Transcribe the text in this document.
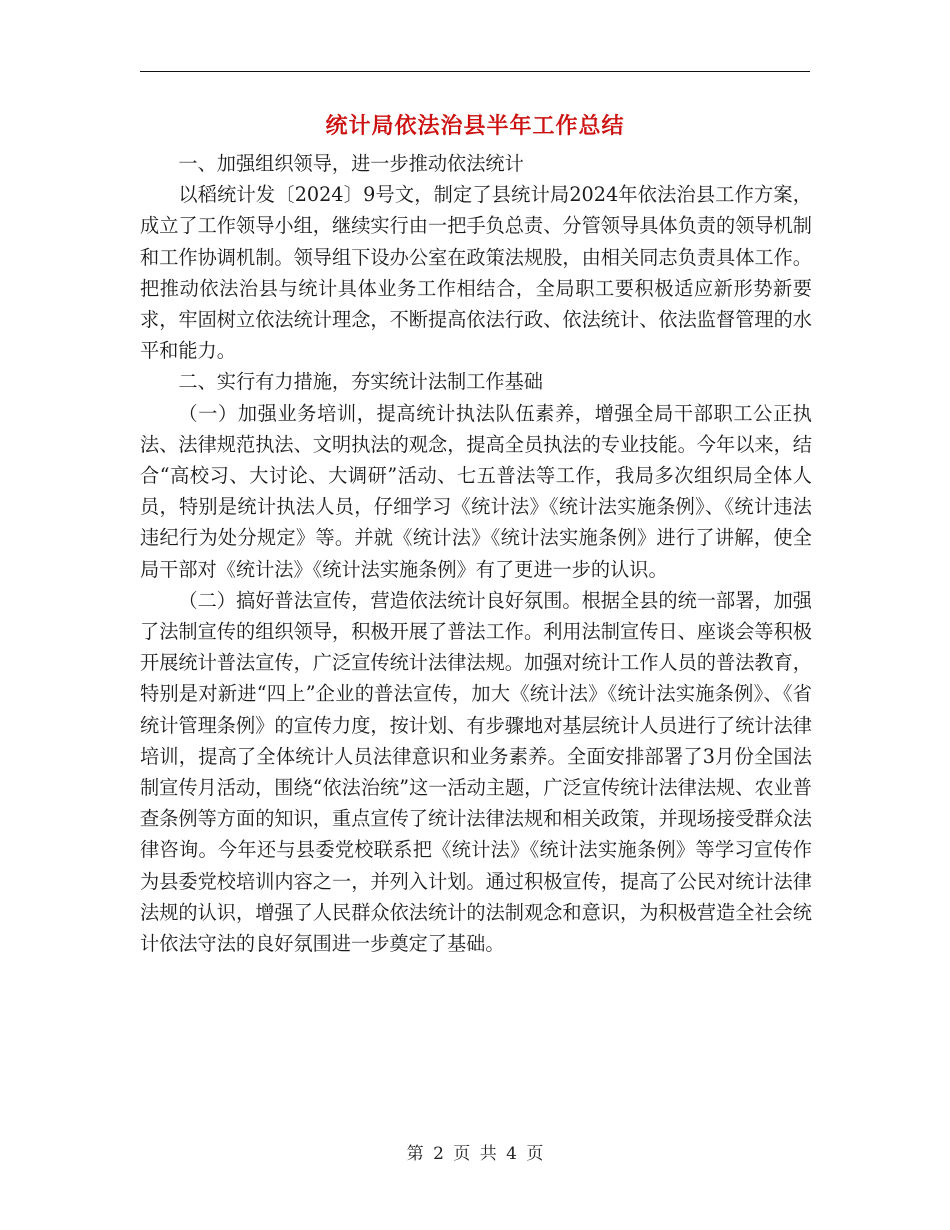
统计局依法治县半年工作总结

一、加强组织领导，进一步推动依法统计

以稻统计发〔2024〕9号文，制定了县统计局2024年依法治县工作方案，成立了工作领导小组，继续实行由一把手负总责、分管领导具体负责的领导机制和工作协调机制。领导组下设办公室在政策法规股，由相关同志负责具体工作。把推动依法治县与统计具体业务工作相结合，全局职工要积极适应新形势新要求，牢固树立依法统计理念，不断提高依法行政、依法统计、依法监督管理的水平和能力。

二、实行有力措施，夯实统计法制工作基础

（一）加强业务培训，提高统计执法队伍素养，增强全局干部职工公正执法、法律规范执法、文明执法的观念，提高全员执法的专业技能。今年以来，结合“高校习、大讨论、大调研”活动、七五普法等工作，我局多次组织局全体人员，特别是统计执法人员，仔细学习《统计法》《统计法实施条例》、《统计违法违纪行为处分规定》等。并就《统计法》《统计法实施条例》进行了讲解，使全局干部对《统计法》《统计法实施条例》有了更进一步的认识。

（二）搞好普法宣传，营造依法统计良好氛围。根据全县的统一部署，加强了法制宣传的组织领导，积极开展了普法工作。利用法制宣传日、座谈会等积极开展统计普法宣传，广泛宣传统计法律法规。加强对统计工作人员的普法教育，特别是对新进“四上”企业的普法宣传，加大《统计法》《统计法实施条例》、《省统计管理条例》的宣传力度，按计划、有步骤地对基层统计人员进行了统计法律培训，提高了全体统计人员法律意识和业务素养。全面安排部署了3月份全国法制宣传月活动，围绕“依法治统”这一活动主题，广泛宣传统计法律法规、农业普查条例等方面的知识，重点宣传了统计法律法规和相关政策，并现场接受群众法律咨询。今年还与县委党校联系把《统计法》《统计法实施条例》等学习宣传作为县委党校培训内容之一，并列入计划。通过积极宣传，提高了公民对统计法律法规的认识，增强了人民群众依法统计的法制观念和意识，为积极营造全社会统计依法守法的良好氛围进一步奠定了基础。

第 2 页 共 4 页
